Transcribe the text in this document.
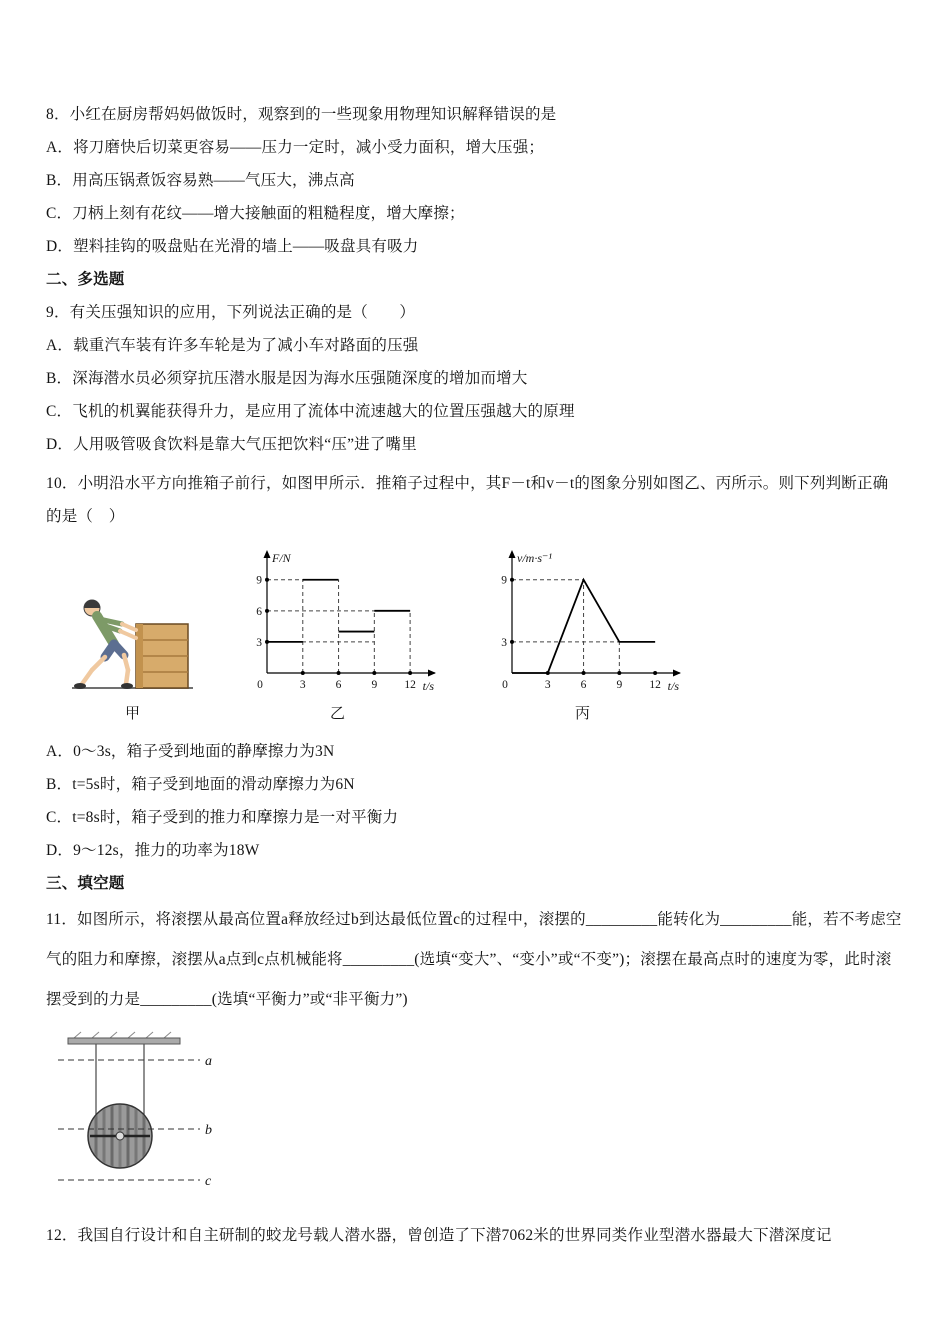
8．小红在厨房帮妈妈做饭时，观察到的一些现象用物理知识解释错误的是

A．将刀磨快后切菜更容易——压力一定时，减小受力面积，增大压强；

B．用高压锅煮饭容易熟——气压大，沸点高

C．刀柄上刻有花纹——增大接触面的粗糙程度，增大摩擦；

D．塑料挂钩的吸盘贴在光滑的墙上——吸盘具有吸力

二、多选题

9．有关压强知识的应用，下列说法正确的是（　　）

A．载重汽车装有许多车轮是为了减小车对路面的压强

B．深海潜水员必须穿抗压潜水服是因为海水压强随深度的增加而增大

C．飞机的机翼能获得升力，是应用了流体中流速越大的位置压强越大的原理

D．人用吸管吸食饮料是靠大气压把饮料“压”进了嘴里

10．小明沿水平方向推箱子前行，如图甲所示．推箱子过程中，其F－t和v－t的图象分别如图乙、丙所示。则下列判断正确的是（　）

甲
F/N
t/s
0	3	6	9 12
3
6
9
乙
v/m·s⁻¹
t/s
0	3	6	9 12
3
9
丙

A．0～3s，箱子受到地面的静摩擦力为3N

B．t=5s时，箱子受到地面的滑动摩擦力为6N

C．t=8s时，箱子受到的推力和摩擦力是一对平衡力

D．9～12s，推力的功率为18W

三、填空题

11．如图所示，将滚摆从最高位置a释放经过b到达最低位置c的过程中，滚摆的_________能转化为_________能，若不考虑空气的阻力和摩擦，滚摆从a点到c点机械能将_________(选填“变大”、“变小”或“不变”)；滚摆在最高点时的速度为零，此时滚摆受到的力是_________(选填“平衡力”或“非平衡力”)

a
b
c

12．我国自行设计和自主研制的蛟龙号载人潜水器，曾创造了下潜7062米的世界同类作业型潜水器最大下潜深度记
